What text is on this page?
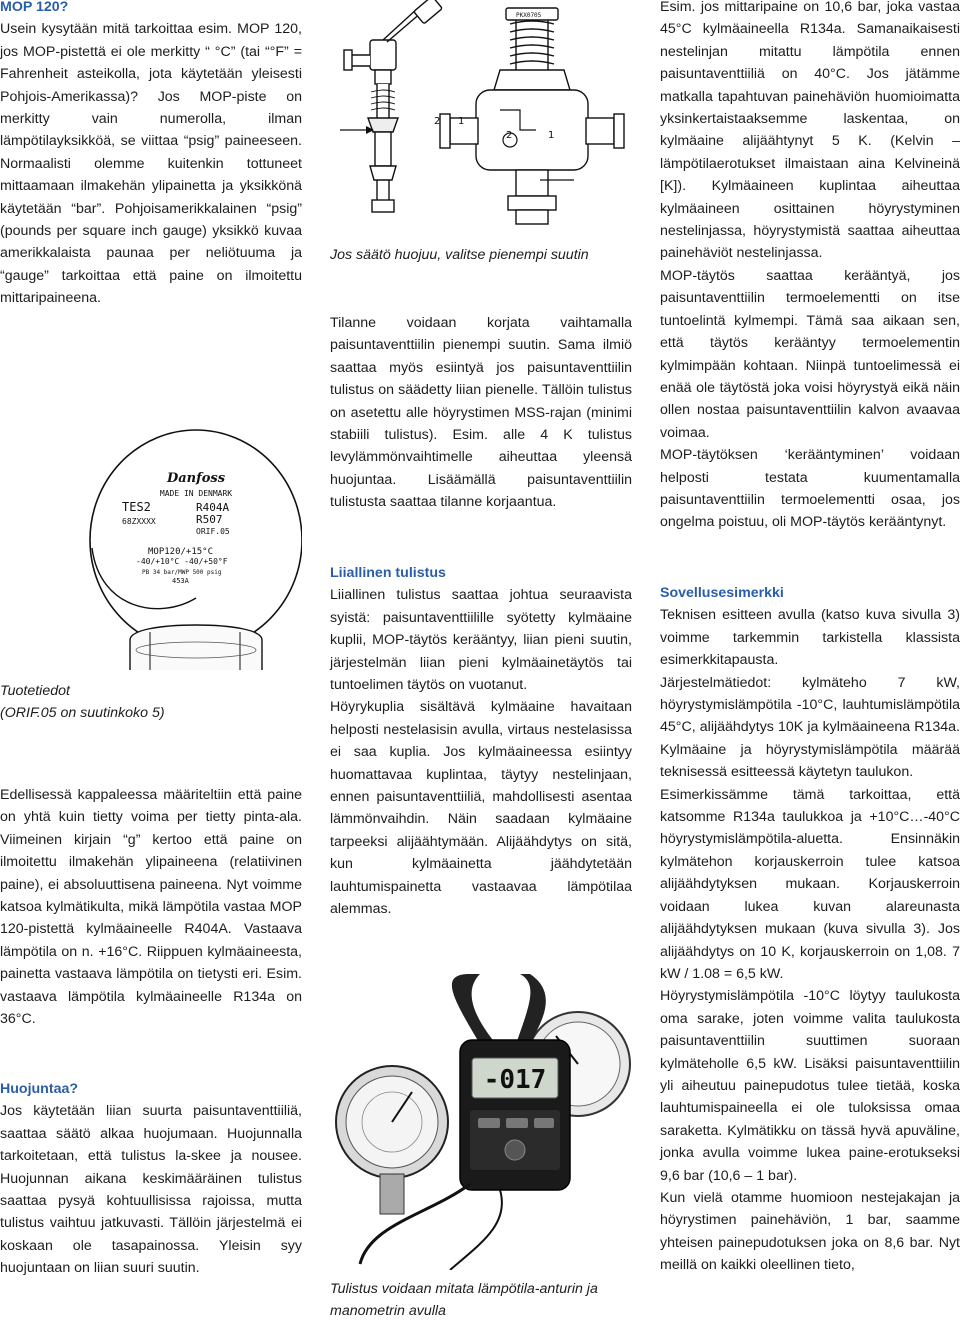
MOP 120?

Usein kysytään mitä tarkoittaa esim. MOP 120, jos MOP-pistettä ei ole merkitty “ °C” (tai “°F” = Fahrenheit asteikolla, jota käytetään yleisesti Pohjois-Amerikassa)? Jos MOP-piste on merkitty vain numerolla, ilman lämpötilayksikköä, se viittaa “psig” paineeseen. Normaalisti olemme kuitenkin tottuneet mittaamaan ilmakehän ylipainetta ja yksikkönä käytetään “bar”. Pohjoisamerikkalainen “psig” (pounds per square inch gauge) yksikkö kuvaa amerikkalaista paunaa per neliötuuma ja “gauge” tarkoittaa että paine on ilmoitettu mittaripaineena.

Danfoss
MADE IN DENMARK
TES2
68ZXXXX
R404A
R507
ORIF.05
MOP120/+15°C
-40/+10°C -40/+50°F
PB 34 bar/MWP 500 psig
453A

Tuotetiedot

(ORIF.05 on suutinkoko 5)

Edellisessä kappaleessa määriteltiin että paine on yhtä kuin tietty voima per tietty pinta-ala. Viimeinen kirjain “g” kertoo että paine on ilmoitettu ilmakehän ylipaineena (relatiivinen paine), ei absoluuttisena paineena. Nyt voimme katsoa kylmätikulta, mikä lämpötila vastaa MOP 120-pistettä kylmäaineelle R404A. Vastaava lämpötila on n. +16°C. Riippuen kylmäaineesta, painetta vastaava lämpötila on tietysti eri. Esim. vastaava lämpötila kylmäaineelle R134a on 36°C.

Huojuntaa?

Jos käytetään liian suurta paisuntaventtiiliä, saattaa säätö alkaa huojumaan. Huojunnalla tarkoitetaan, että tulistus la-skee ja nousee. Huojunnan aikana keskimääräinen tulistus saattaa pysyä kohtuullisissa rajoissa, mutta tulistus vaihtuu jatkuvasti. Tällöin järjestelmä ei koskaan ole tasapainossa. Yleisin syy huojuntaan on liian suuri suutin.

PKX0705
2 1
2	1

Jos säätö huojuu, valitse pienempi suutin

Tilanne voidaan korjata vaihtamalla paisuntaventtiilin pienempi suutin. Sama ilmiö saattaa myös esiintyä jos paisuntaventtiilin tulistus on säädetty liian pienelle. Tällöin tulistus on asetettu alle höyrystimen MSS-rajan (minimi stabiili tulistus). Esim. alle 4 K tulistus levylämmönvaihtimelle aiheuttaa yleensä huojuntaa. Lisäämällä paisuntaventtiilin tulistusta saattaa tilanne korjaantua.

Liiallinen tulistus

Liiallinen tulistus saattaa johtua seuraavista syistä: paisuntaventtiilille syötetty kylmäaine kuplii, MOP-täytös kerääntyy, liian pieni suutin, järjestelmän liian pieni kylmäainetäytös tai tuntoelimen täytös on vuotanut.

Höyrykuplia sisältävä kylmäaine havaitaan helposti nestelasisin avulla, virtaus nestelasissa ei saa kuplia. Jos kylmäaineessa esiintyy huomattavaa kuplintaa, täytyy nestelinjaan, ennen paisuntaventtiiliä, mahdollisesti asentaa lämmönvaihdin. Näin saadaan kylmäaine tarpeeksi alijäähtymään. Alijäähdytys on sitä, kun kylmäainetta jäähdytetään lauhtumispainetta vastaavaa lämpötilaa alemmas.

-017

Tulistus voidaan mitata lämpötila-anturin ja manometrin avulla

Esim. jos mittaripaine on 10,6 bar, joka vastaa 45°C kylmäaineella R134a. Samanaikaisesti nestelinjan mitattu lämpötila ennen paisuntaventtiiliä on 40°C. Jos jätämme matkalla tapahtuvan painehäviön huomioimatta yksinkertaistaaksemme laskentaa, on kylmäaine alijäähtynyt 5 K. (Kelvin – lämpötilaerotukset ilmaistaan aina Kelvineinä [K]). Kylmäaineen kuplintaa aiheuttaa kylmäaineen osittainen höyrystyminen nestelinjassa, höyrystymistä saattaa aiheuttaa painehäviöt nestelinjassa.

MOP-täytös saattaa kerääntyä, jos paisuntaventtiilin termoelementti on itse tuntoelintä kylmempi. Tämä saa aikaan sen, että täytös kerääntyy termoelementin kylmimpään kohtaan. Niinpä tuntoelimessä ei enää ole täytöstä joka voisi höyrystyä eikä näin ollen nostaa paisuntaventtiilin kalvon avaavaa voimaa.

MOP-täytöksen ‘kerääntyminen’ voidaan helposti testata kuumentamalla paisuntaventtiilin termoelementti osaa, jos ongelma poistuu, oli MOP-täytös kerääntynyt.

Sovellusesimerkki

Teknisen esitteen avulla (katso kuva sivulla 3) voimme tarkemmin tarkistella klassista esimerkkitapausta.

Järjestelmätiedot: kylmäteho 7 kW, höyrystymislämpötila -10°C, lauhtumislämpötila 45°C, alijäähdytys 10K ja kylmäaineena R134a. Kylmäaine ja höyrystymislämpötila määrää teknisessä esitteessä käytetyn taulukon.

Esimerkissämme tämä tarkoittaa, että katsomme R134a taulukkoa ja +10°C…-40°C höyrystymislämpötila-aluetta. Ensinnäkin kylmätehon korjauskerroin tulee katsoa alijäähdytyksen mukaan. Korjauskerroin voidaan lukea kuvan alareunasta alijäähdytyksen mukaan (kuva sivulla 3). Jos alijäähdytys on 10 K, korjauskerroin on 1,08. 7 kW / 1.08 = 6,5 kW.

Höyrystymislämpötila -10°C löytyy taulukosta oma sarake, joten voimme valita taulukosta paisuntaventtiilin suuttimen suoraan kylmäteholle 6,5 kW. Lisäksi paisuntaventtiilin yli aiheutuu painepudotus tulee tietää, koska lauhtumispaineella ei ole tuloksissa omaa saraketta. Kylmätikku on tässä hyvä apuväline, jonka avulla voimme lukea paine-erotukseksi 9,6 bar (10,6 – 1 bar).

Kun vielä otamme huomioon nestejakajan ja höyrystimen painehäviön, 1 bar, saamme yhteisen painepudotuksen joka on 8,6 bar. Nyt meillä on kaikki oleellinen tieto,
